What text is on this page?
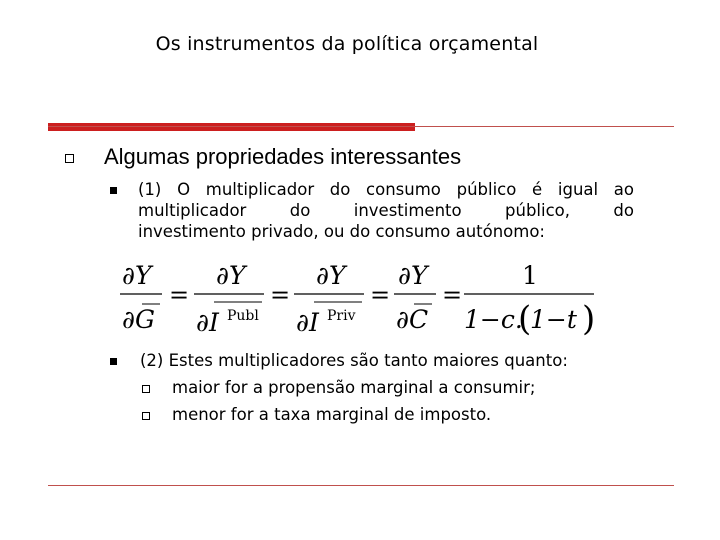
Os instrumentos da política orçamental
Algumas propriedades interessantes
(1) O multiplicador do consumo público é igual ao
multiplicador do investimento público, do
investimento privado, ou do consumo autónomo:
∂Y
∂G
=
∂Y
∂I Publ
=
∂Y
∂I Priv
=
∂Y
∂C
=
1
1−c.
(
1−t )
(2) Estes multiplicadores são tanto maiores quanto:
maior for a propensão marginal a consumir;
menor for a taxa marginal de imposto.
